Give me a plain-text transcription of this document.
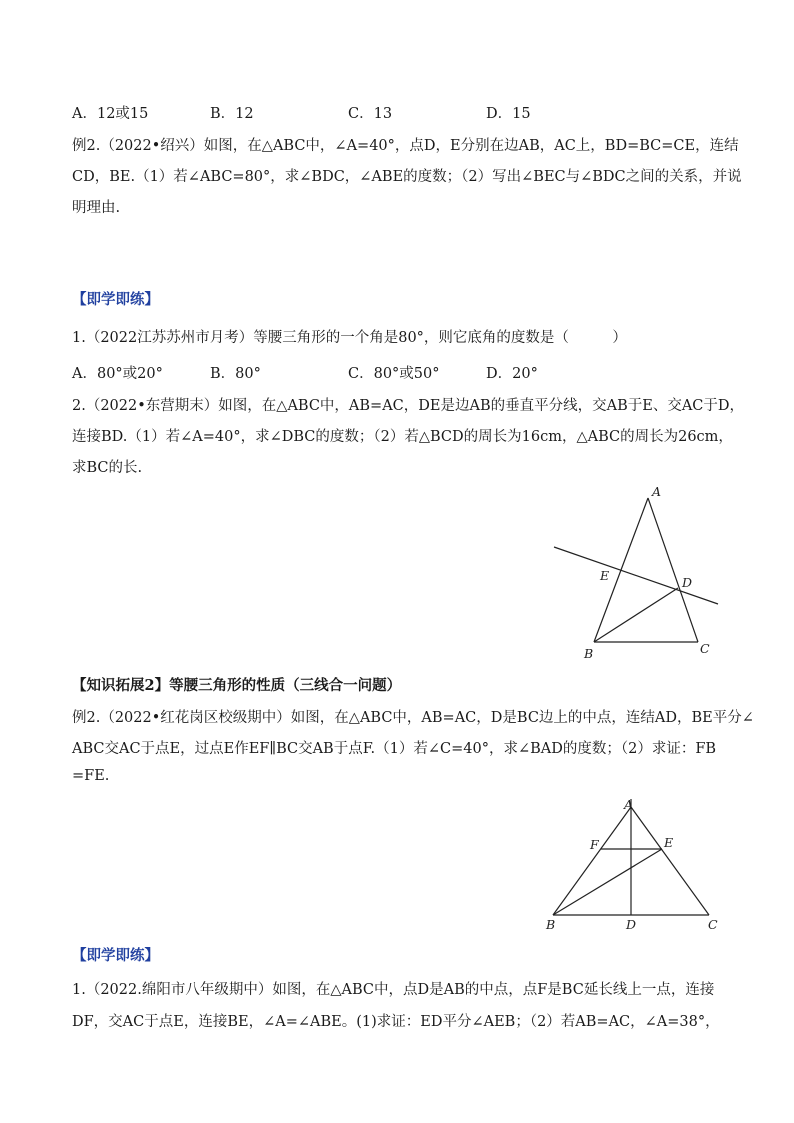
A．12或15	B．12	C．13	D．15
例2.（2022•绍兴）如图，在△ABC中，∠A=40°，点D，E分别在边AB，AC上，BD=BC=CE，连结
CD，BE.（1）若∠ABC=80°，求∠BDC，∠ABE的度数；（2）写出∠BEC与∠BDC之间的关系，并说
明理由.
【即学即练】
1.（2022江苏苏州市月考）等腰三角形的一个角是80°，则它底角的度数是（　　　）
A．80°或20°	B．80°	C．80°或50°	D．20°
2.（2022•东营期末）如图，在△ABC中，AB=AC，DE是边AB的垂直平分线，交AB于E、交AC于D，
连接BD.（1）若∠A=40°，求∠DBC的度数；（2）若△BCD的周长为16cm，△ABC的周长为26cm，
求BC的长.
A
B	C
D
E
【知识拓展2】等腰三角形的性质（三线合一问题）
例2.（2022•红花岗区校级期中）如图，在△ABC中，AB=AC，D是BC边上的中点，连结AD，BE平分∠
ABC交AC于点E，过点E作EF∥BC交AB于点F.（1）若∠C=40°，求∠BAD的度数；（2）求证：FB
=FE.
A
B	C
D
E
F
【即学即练】
1.（2022.绵阳市八年级期中）如图，在△ABC中，点D是AB的中点，点F是BC延长线上一点，连接
DF，交AC于点E，连接BE，∠A=∠ABE。(1)求证：ED平分∠AEB；（2）若AB=AC，∠A=38°，
